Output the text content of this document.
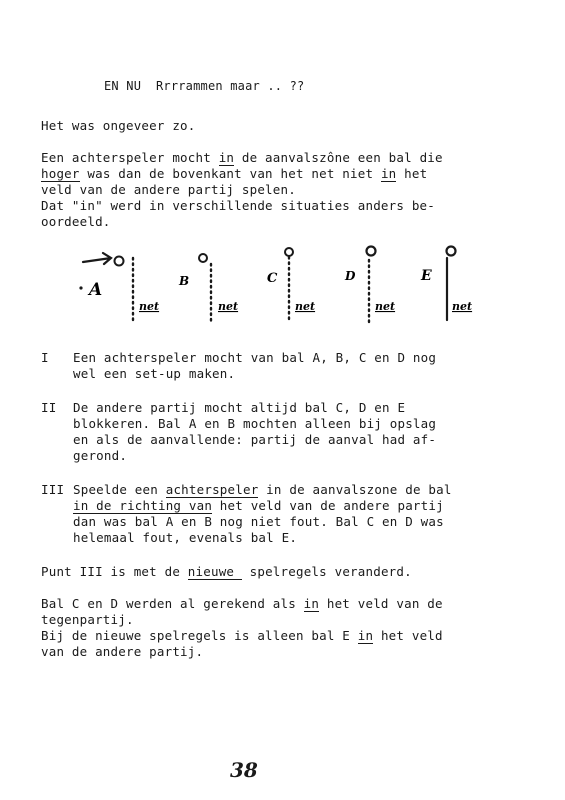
EN NU  Rrrrammen maar .. ??
Het was ongeveer zo.
Een achterspeler mocht in de aanvalszône een bal die
hoger was dan de bovenkant van het net niet in het
veld van de andere partij spelen.
Dat "in" werd in verschillende situaties anders be-
oordeeld.
A
net
B
net
C
net
D
net
E
net
I Een achterspeler mocht van bal A, B, C en D nog
wel een set-up maken.
II De andere partij mocht altijd bal C, D en E
blokkeren. Bal A en B mochten alleen bij opslag
en als de aanvallende: partij de aanval had af-
gerond.
III Speelde een achterspeler in de aanvalszone de bal
in de richting van het veld van de andere partij
dan was bal A en B nog niet fout. Bal C en D was
helemaal fout, evenals bal E.
Punt III is met de nieuwe  spelregels veranderd.
Bal C en D werden al gerekend als in het veld van de
tegenpartij.
Bij de nieuwe spelregels is alleen bal E in het veld
van de andere partij.
38
